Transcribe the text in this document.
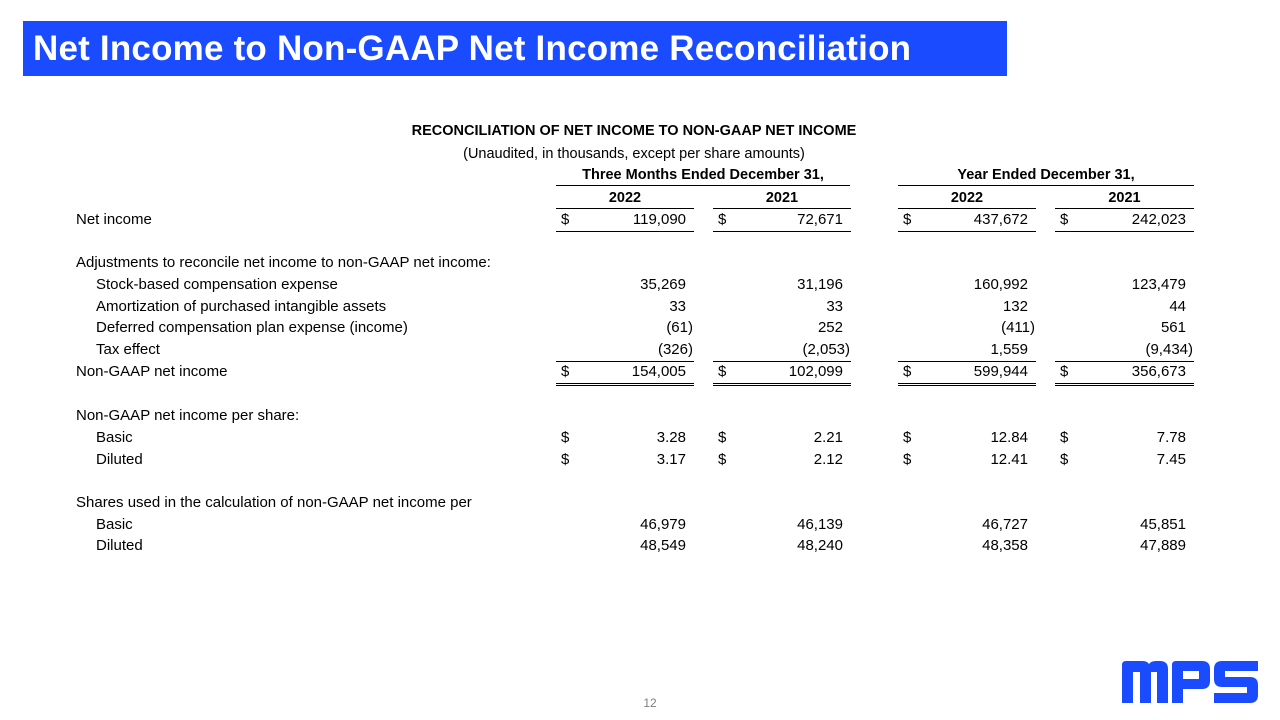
Net Income to Non-GAAP Net Income Reconciliation
RECONCILIATION OF NET INCOME TO NON-GAAP NET INCOME
(Unaudited, in thousands, except per share amounts)
Three Months Ended December 31,	Year Ended December 31,
2022	2021	2022	2021
Net income	$	119,090 $	72,671	$	437,672 $	242,023
Adjustments to reconcile net income to non-GAAP net income:
Stock-based compensation expense	35,269	31,196	160,992	123,479
Amortization of purchased intangible assets	33	33	132	44
Deferred compensation plan expense (income)	(61)	252	(411)	561
Tax effect	(326)	(2,053)	1,559	(9,434)
Non-GAAP net income	$	154,005 $	102,099	$	599,944 $	356,673
Non-GAAP net income per share:
Basic	$	3.28 $	2.21	$	12.84 $	7.78
Diluted	$	3.17 $	2.12	$	12.41 $	7.45
Shares used in the calculation of non-GAAP net income per
Basic	46,979	46,139	46,727	45,851
Diluted	48,549	48,240	48,358	47,889
12
